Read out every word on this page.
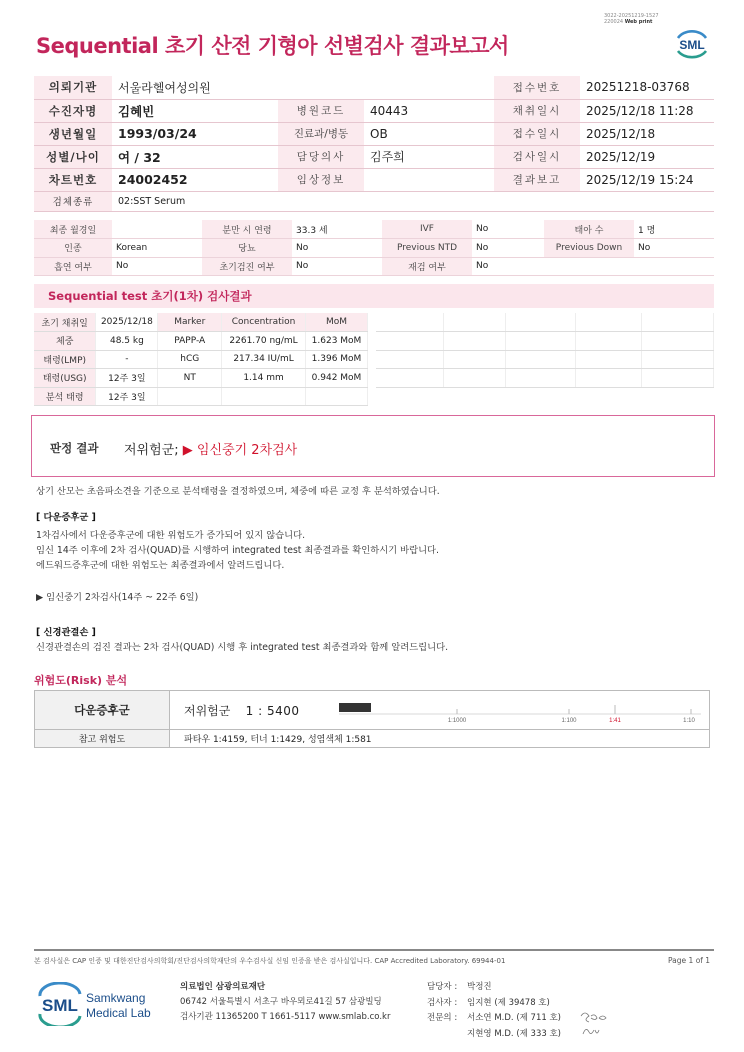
3022-20251219-1527
220024 Web print
Sequential 초기 산전 기형아 선별검사 결과보고서	SML
의뢰기관	서울라헬여성의원			접수번호	20251218-03768
수진자명	김혜빈	병원코드	40443	채취일시	2025/12/18 11:28
생년월일	1993/03/24	진료과/병동	OB	접수일시	2025/12/18
성별/나이	여 / 32	담당의사	김주희	검사일시	2025/12/19
차트번호	24002452	임상정보		결과보고	2025/12/19 15:24
검체종류	02:SST Serum				
최종 월경일		분만 시 연령	33.3 세	IVF	No	태아 수	1 명
인종	Korean	당뇨	No	Previous NTD	No	Previous Down	No
흡연 여부	No	초기검진 여부	No	재검 여부	No		
Sequential test 초기(1차) 검사결과
초기 채취일	2025/12/18	Marker	Concentration	MoM
체중	48.5 kg	PAPP-A	2261.70 ng/mL	1.623 MoM
태령(LMP)	-	hCG	217.34 IU/mL	1.396 MoM
태령(USG)	12주 3일	NT	1.14 mm	0.942 MoM
분석 태령	12주 3일			

판정 결과 저위험군; ▶ 임신중기 2차검사
상기 산모는 초음파소견을 기준으로 분석태령을 결정하였으며, 체중에 따른 교정 후 분석하였습니다.
[ 다운증후군 ]
1차검사에서 다운증후군에 대한 위험도가 증가되어 있지 않습니다.
임신 14주 이후에 2차 검사(QUAD)를 시행하여 integrated test 최종결과를 확인하시기 바랍니다.
에드워드증후군에 대한 위험도는 최종결과에서 알려드립니다.
▶ 임신중기 2차검사(14주 ~ 22주 6일)
[ 신경관결손 ]
신경관결손의 검진 결과는 2차 검사(QUAD) 시행 후 integrated test 최종결과와 함께 알려드립니다.
위험도(Risk) 분석
다운증후군	저위험군 1 : 5400	1:1000 1:100 1:41 1:10

참고 위험도	파타우 1:4159, 터너 1:1429, 성염색체 1:581	
본 검사실은 CAP 인증 및 대한진단검사의학회/진단검사의학재단의 우수검사실 신임 인증을 받은 검사실입니다. CAP Accredited Laboratory. 69944-01	Page 1 of 1
SML Samkwang
Medical Lab
의료법인 삼광의료재단
06742 서울특별시 서초구 바우뫼로41길 57 삼광빌딩
검사기관 11365200 T 1661-5117 www.smlab.co.kr
담당자 : 박정진
검사자 : 임지현 (제 39478 호)
전문의 : 서소연 M.D. (제 711 호)
지현영 M.D. (제 333 호)
